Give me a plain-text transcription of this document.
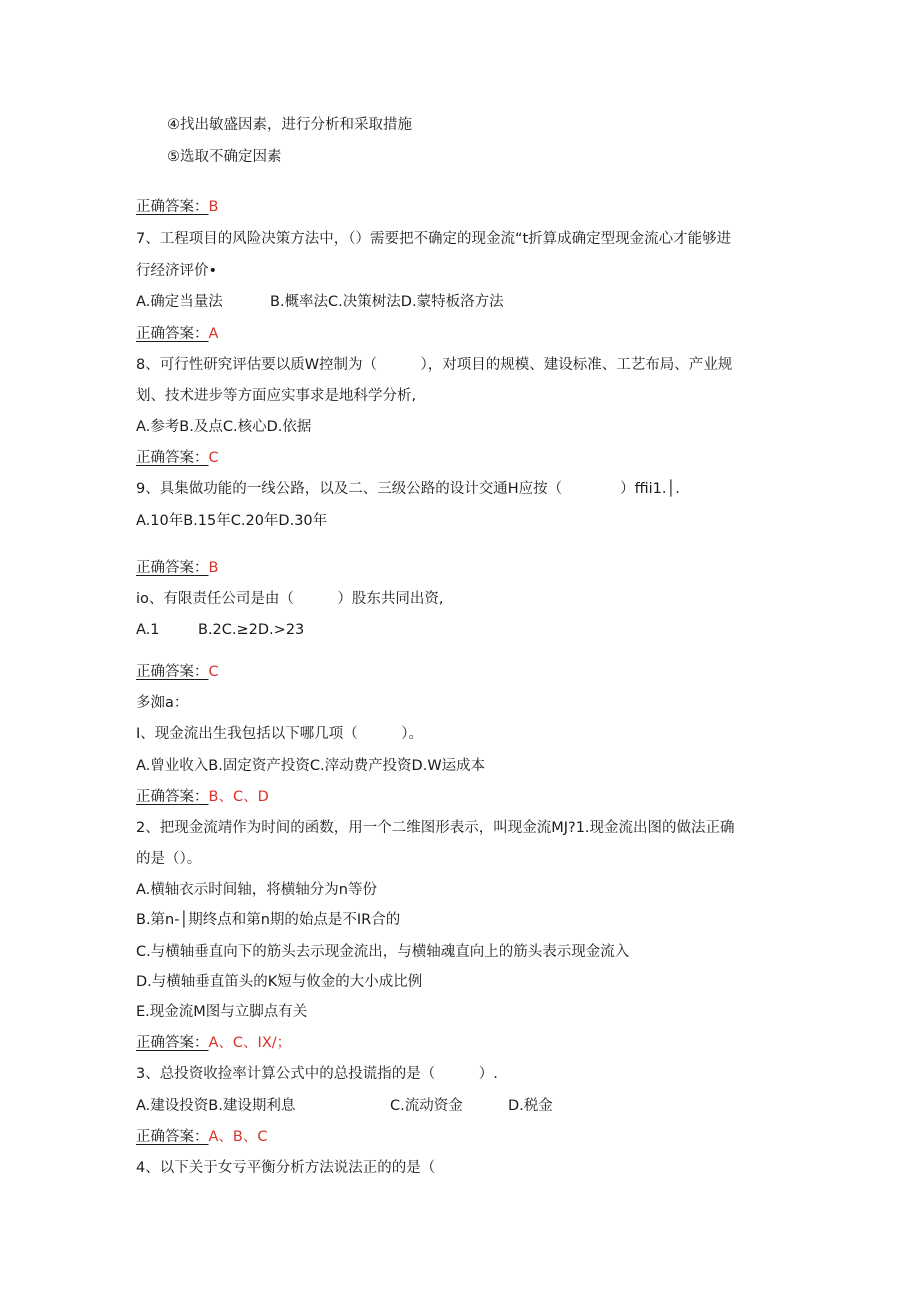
④找出敏盛因素，进行分析和采取措施
⑤选取不确定因素
正确答案：B
7、工程项目的风险决策方法中，（）需要把不确定的现金流“t折算成确定型现金流心才能够进
行经济评价•
A.确定当量法	B.概率法C.决策树法D.蒙特板洛方法
正确答案：A
8、可行性研究评估要以质W控制为（　　　），对项目的规模、建设标准、工艺布局、产业规
划、技术进步等方面应实事求是地科学分析,
A.参考B.及点C.核心D.依据
正确答案：C
9、具集做功能的一线公路，以及二、三级公路的设计交通H应按（　　　　）ffii1.│.
A.10年B.15年C.20年D.30年
正确答案：B
io、有限责任公司是由（　　　）股东共同出资,
A.1	B.2C.≥2D.>23
正确答案：C
多洳a：
I、现金流出生我包括以下哪几项（　　　）。
A.曾业收入B.固定资产投资C.滓动费产投资D.W运成本
正确答案：B、C、D
2、把现金流靖作为时间的函数，用一个二维图形表示，叫现金流MJ?1.现金流出图的做法正确
的是（）。
A.横轴衣示时间轴，将横轴分为n等份
B.第n-│期终点和第n期的始点是不IR合的
C.与横轴垂直向下的筋头去示现金流出，与横轴魂直向上的筋头表示现金流入
D.与横轴垂直笛头的K短与攸金的大小成比例
E.现金流M图与立脚点有关
正确答案：A、C、IX/；
3、总投资收捡率计算公式中的总投谎指的是（　　　）.
A.建设投资B.建设期利息	C.流动资金	D.税金
正确答案：A、B、C
4、以下关于女亏平衡分析方法说法正的的是（
